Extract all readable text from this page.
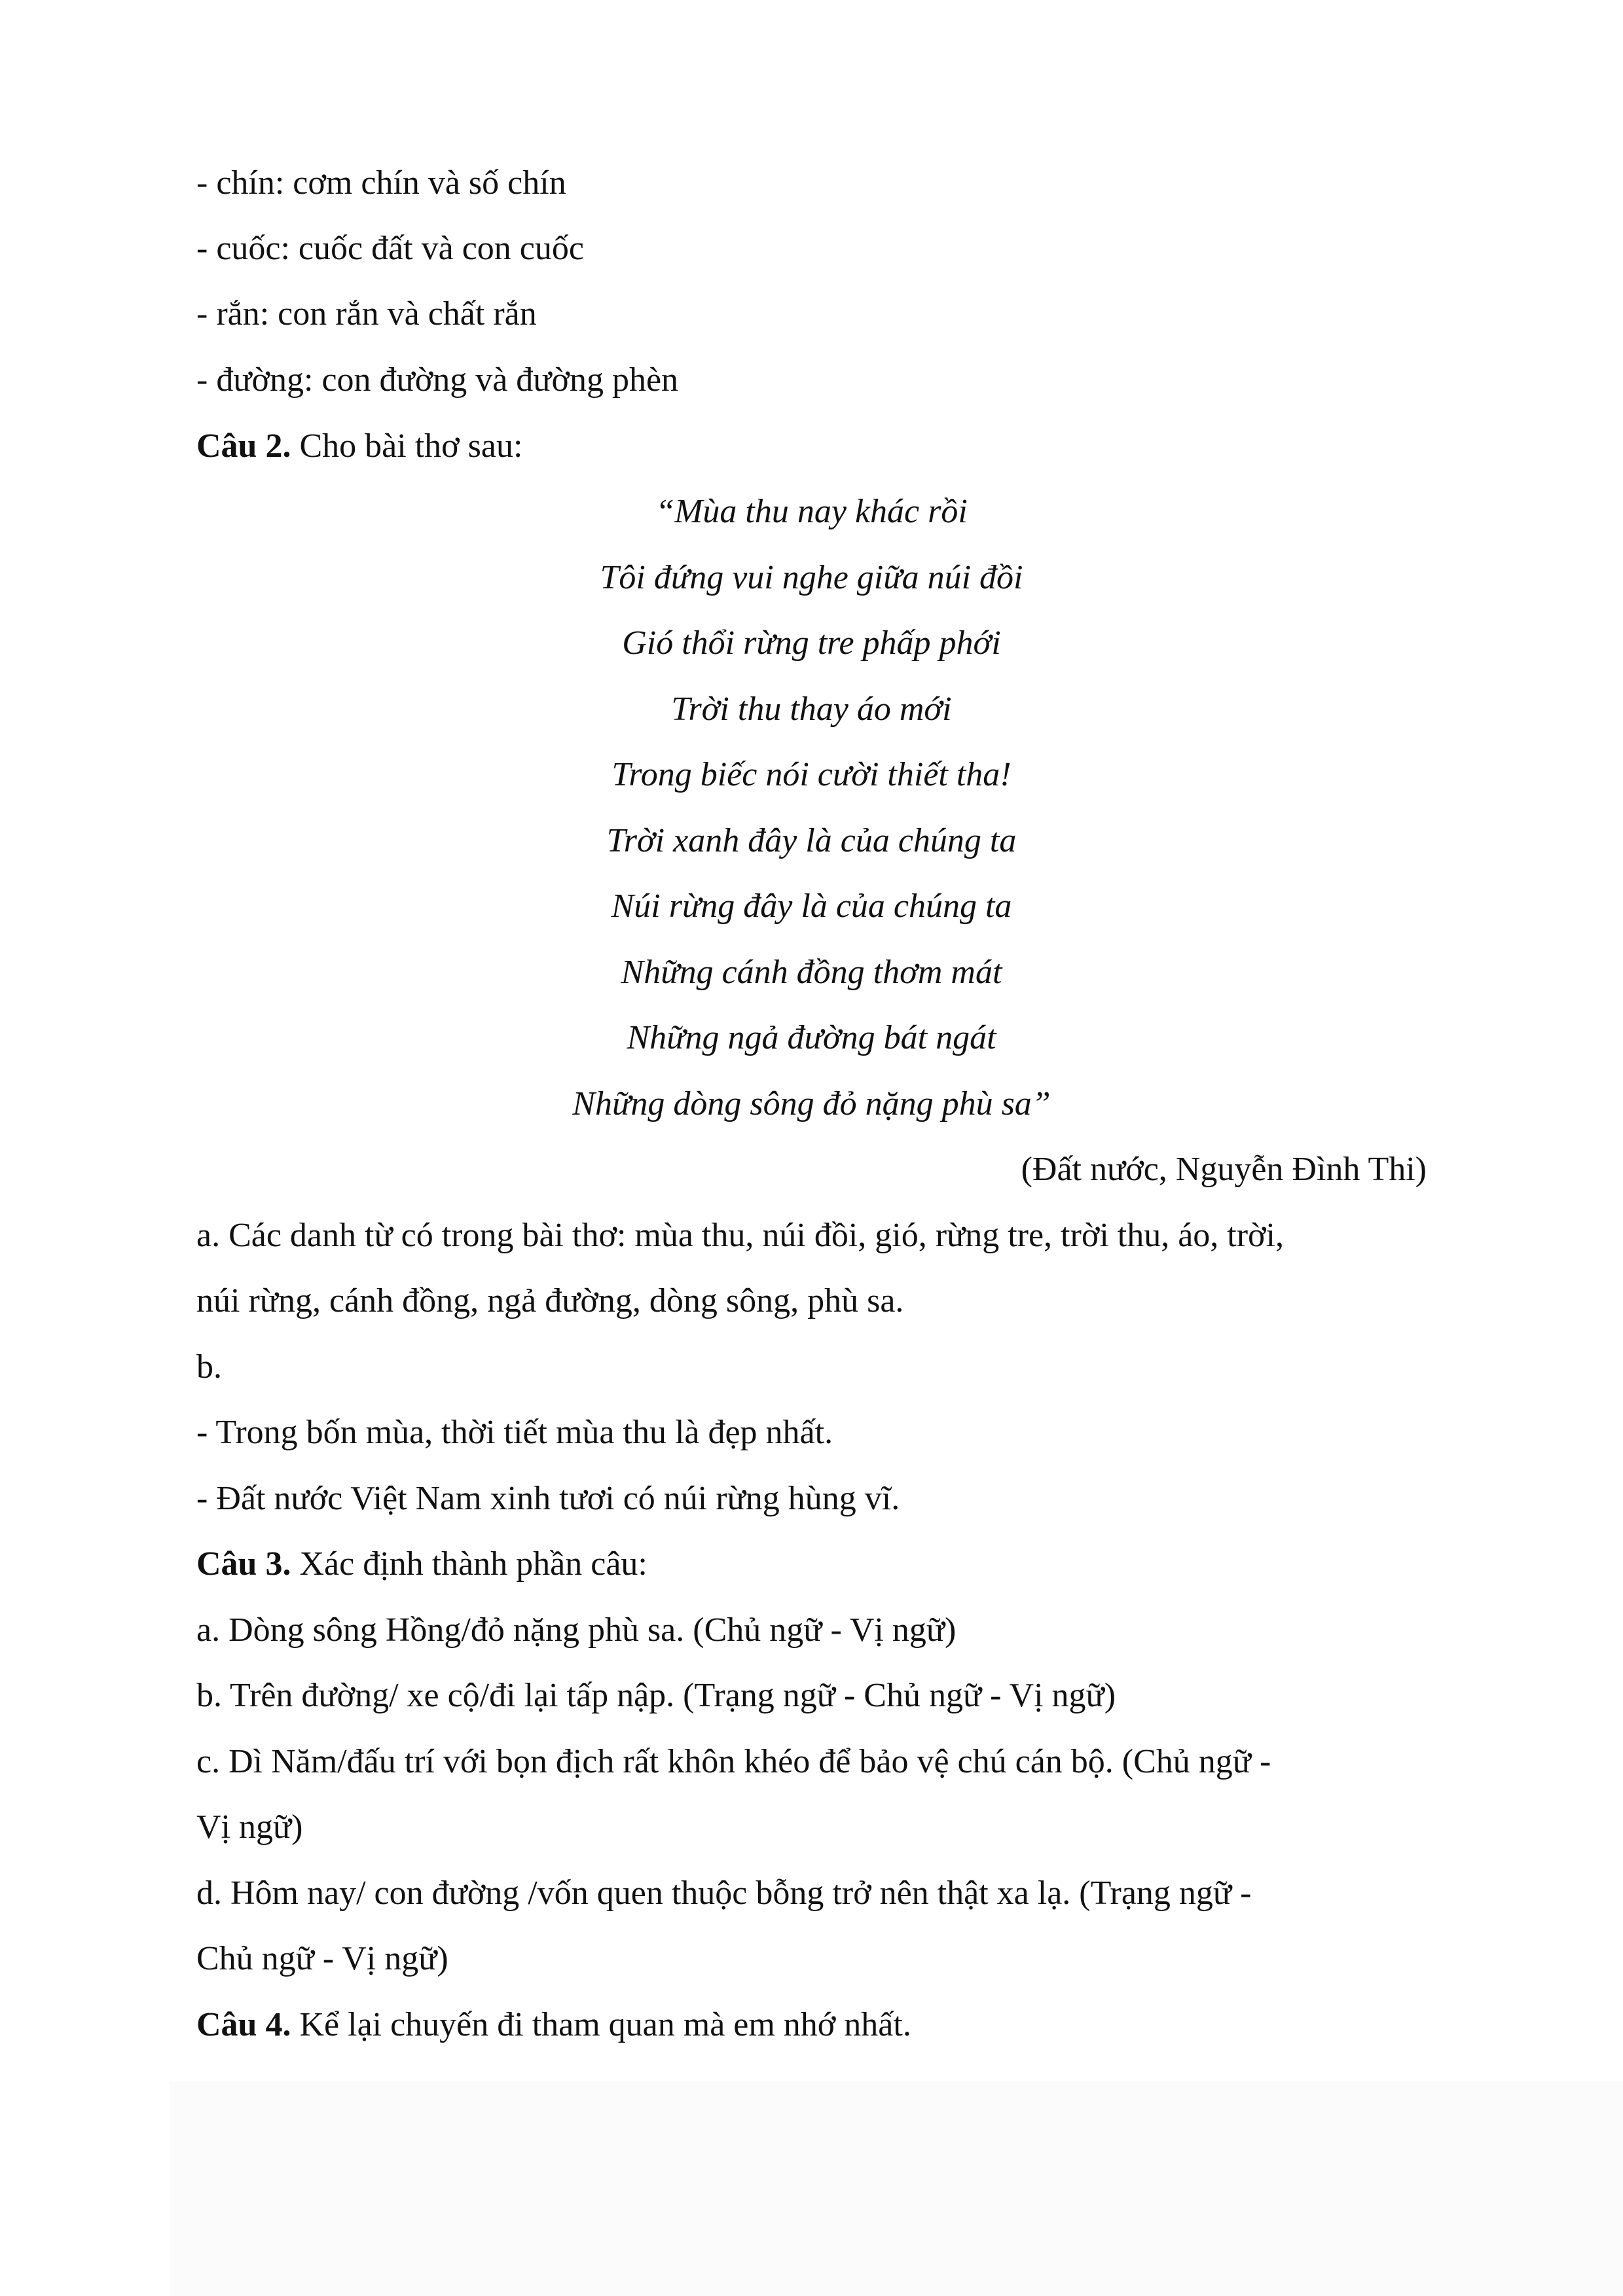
- chín: cơm chín và số chín
- cuốc: cuốc đất và con cuốc
- rắn: con rắn và chất rắn
- đường: con đường và đường phèn
Câu 2. Cho bài thơ sau:
“Mùa thu nay khác rồi
Tôi đứng vui nghe giữa núi đồi
Gió thổi rừng tre phấp phới
Trời thu thay áo mới
Trong biếc nói cười thiết tha!
Trời xanh đây là của chúng ta
Núi rừng đây là của chúng ta
Những cánh đồng thơm mát
Những ngả đường bát ngát
Những dòng sông đỏ nặng phù sa”
(Đất nước, Nguyễn Đình Thi)
a. Các danh từ có trong bài thơ: mùa thu, núi đồi, gió, rừng tre, trời thu, áo, trời,
núi rừng, cánh đồng, ngả đường, dòng sông, phù sa.
b.
- Trong bốn mùa, thời tiết mùa thu là đẹp nhất.
- Đất nước Việt Nam xinh tươi có núi rừng hùng vĩ.
Câu 3. Xác định thành phần câu:
a. Dòng sông Hồng/đỏ nặng phù sa. (Chủ ngữ - Vị ngữ)
b. Trên đường/ xe cộ/đi lại tấp nập. (Trạng ngữ - Chủ ngữ - Vị ngữ)
c. Dì Năm/đấu trí với bọn địch rất khôn khéo để bảo vệ chú cán bộ. (Chủ ngữ -
Vị ngữ)
d. Hôm nay/ con đường /vốn quen thuộc bỗng trở nên thật xa lạ. (Trạng ngữ -
Chủ ngữ - Vị ngữ)
Câu 4. Kể lại chuyến đi tham quan mà em nhớ nhất.
